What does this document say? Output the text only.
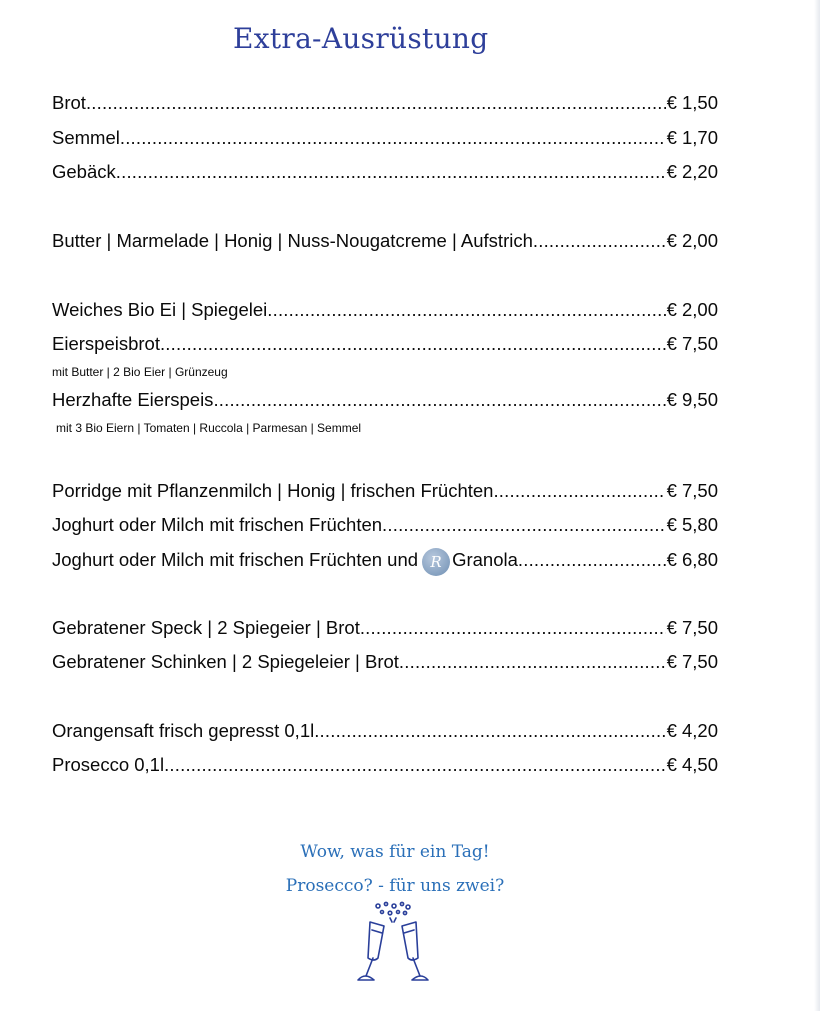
Extra-Ausrüstung
Brot .....	€ 1,50
Semmel .....	€ 1,70
Gebäck .....	€ 2,20
Butter | Marmelade | Honig | Nuss-Nougatcreme | Aufstrich .....	€ 2,00
Weiches Bio Ei | Spiegelei .....	€ 2,00
Eierspeisbrot .....	€ 7,50
mit Butter | 2 Bio Eier | Grünzeug
Herzhafte Eierspeis .....	€ 9,50
mit 3 Bio Eiern | Tomaten | Ruccola | Parmesan | Semmel
Porridge mit Pflanzenmilch | Honig | frischen Früchten .....	€ 7,50
Joghurt oder Milch mit frischen Früchten .....	€ 5,80
Joghurt oder Milch mit frischen Früchten und R Granola .....	€ 6,80
Gebratener Speck | 2 Spiegeier | Brot .....	€ 7,50
Gebratener Schinken | 2 Spiegeleier | Brot .....	€ 7,50
Orangensaft frisch gepresst 0,1l .....	€ 4,20
Prosecco 0,1l .....	€ 4,50
Wow, was für ein Tag!
Prosecco? - für uns zwei?
